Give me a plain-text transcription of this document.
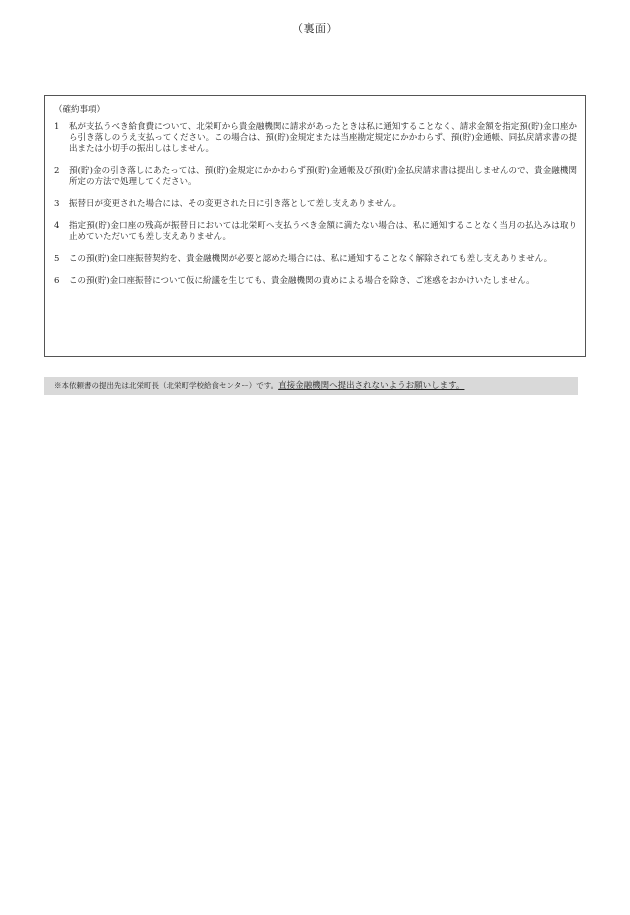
（裏面）
（確約事項）
1	私が支払うべき給食費について、北栄町から貴金融機関に請求があったときは私に通知することなく、請求金額を指定預(貯)金口座から引き落しのうえ支払ってください。この場合は、預(貯)金規定または当座勘定規定にかかわらず、預(貯)金通帳、同払戻請求書の提出または小切手の振出しはしません。
2	預(貯)金の引き落しにあたっては、預(貯)金規定にかかわらず預(貯)金通帳及び預(貯)金払戻請求書は提出しませんので、貴金融機関所定の方法で処理してください。
3	振替日が変更された場合には、その変更された日に引き落として差し支えありません。
4	指定預(貯)金口座の残高が振替日においては北栄町へ支払うべき金額に満たない場合は、私に通知することなく当月の払込みは取り止めていただいても差し支えありません。
5	この預(貯)金口座振替契約を、貴金融機関が必要と認めた場合には、私に通知することなく解除されても差し支えありません。
6	この預(貯)金口座振替について仮に紛議を生じても、貴金融機関の責めによる場合を除き、ご迷惑をおかけいたしません。
※本依頼書の提出先は北栄町長（北栄町学校給食センター）です。直接金融機関へ提出されないようお願いします。
